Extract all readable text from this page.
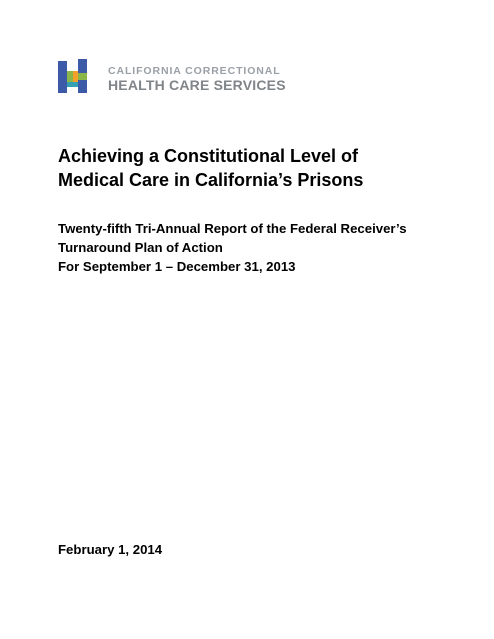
CALIFORNIA CORRECTIONAL
HEALTH CARE SERVICES
Achieving a Constitutional Level of
Medical Care in California’s Prisons
Twenty-fifth Tri-Annual Report of the Federal Receiver’s
Turnaround Plan of Action
For September 1 – December 31, 2013
February 1, 2014
